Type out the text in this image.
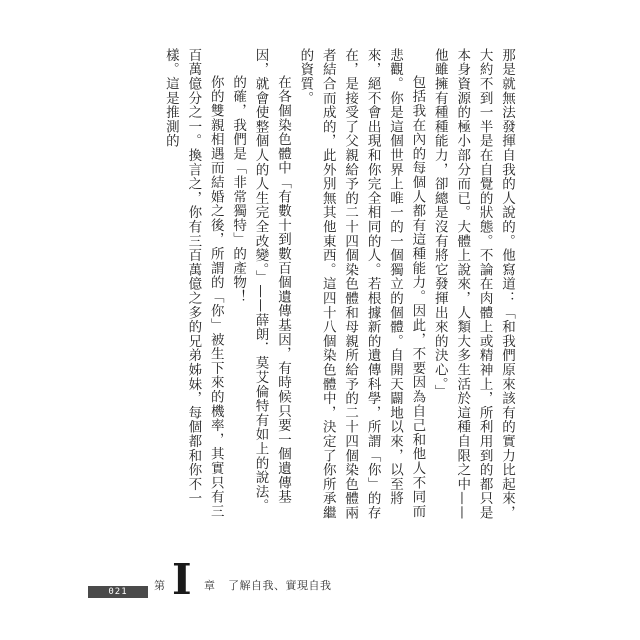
那是就無法發揮自我的人說的。他寫道：「和我們原來該有的實力比起來，大約不到一半是在自覺的狀態。不論在肉體上或精神上，所利用到的都只是本身資源的極小部分而已。大體上說來，人類大多生活於這種自限之中——他雖擁有種種能力，卻總是沒有將它發揮出來的決心。」

包括我在內的每個人都有這種能力。因此，不要因為自己和他人不同而悲觀。你是這個世界上唯一的一個獨立的個體。自開天闢地以來，以至將來，絕不會出現和你完全相同的人。若根據新的遺傳科學，所謂「你」的存在，是接受了父親給予的二十四個染色體和母親所給予的二十四個染色體兩者結合而成的，此外別無其他東西。這四十八個染色體中，決定了你所承繼的資質。

在各個染色體中「有數十到數百個遺傳基因，有時候只要一個遺傳基因，就會使整個人的人生完全改變。」——薛朗．莫艾倫特有如上的說法。

的確，我們是「非常獨特」的產物！

你的雙親相遇而結婚之後，所謂的「你」被生下來的機率，其實只有三百萬億分之一。換言之，你有三百萬億之多的兄弟姊妹，每個都和你不一樣。這是推測的

021	第 I 章 了解自我、實現自我
